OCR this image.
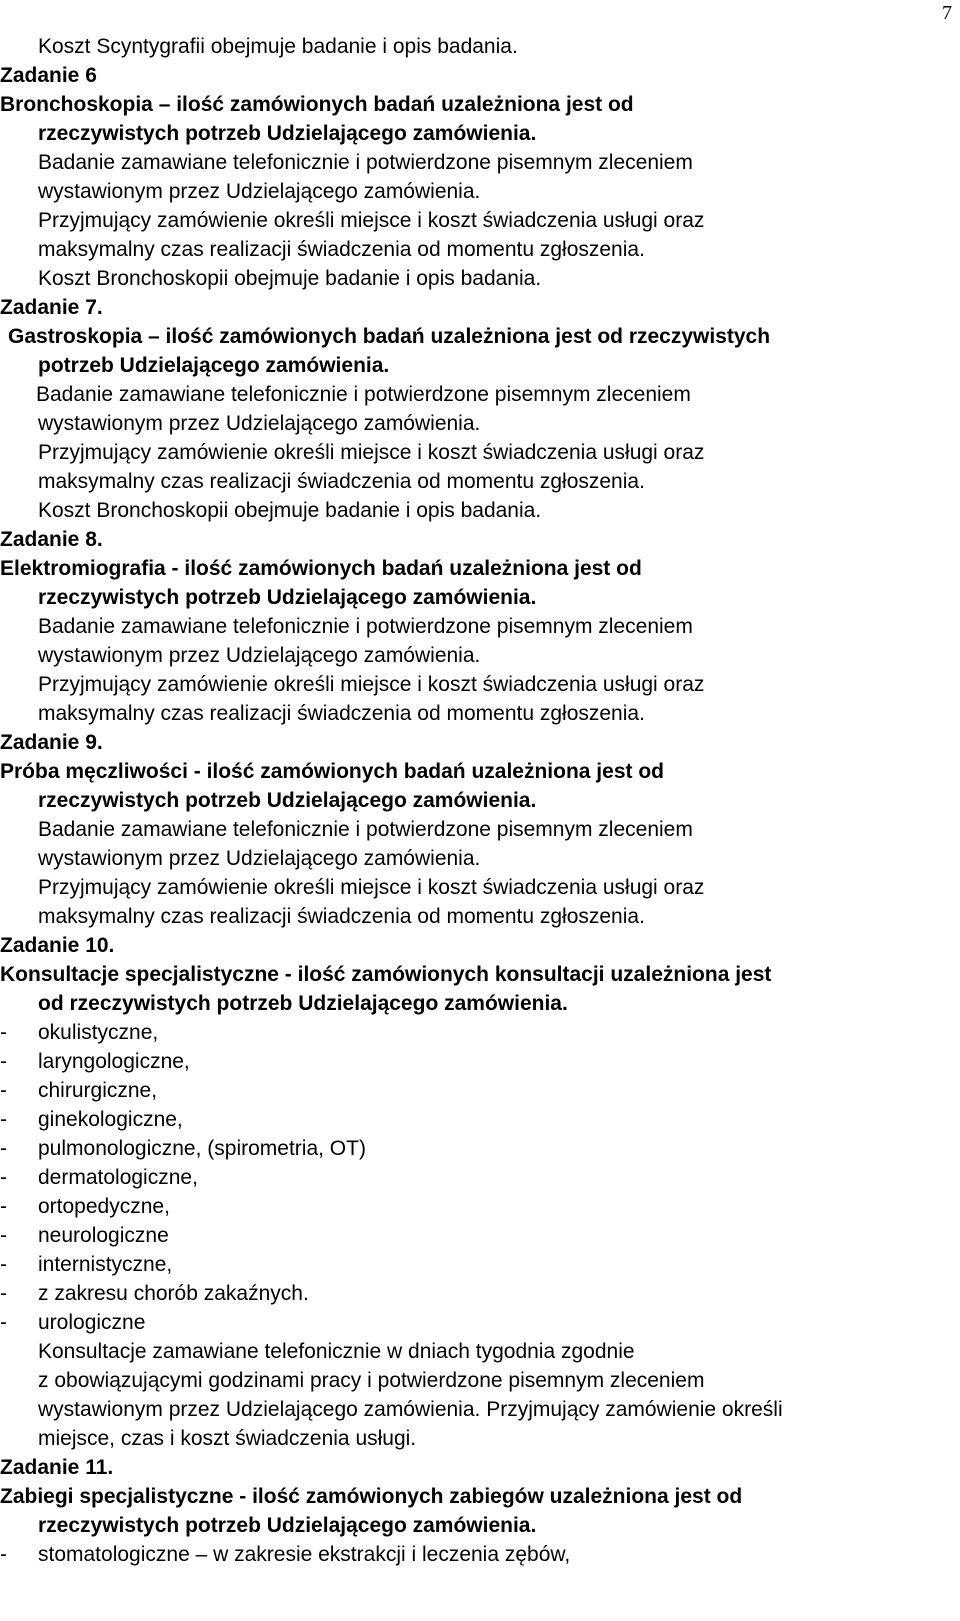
7
Koszt Scyntygrafii obejmuje badanie i opis badania.
Zadanie 6
Bronchoskopia – ilość zamówionych badań uzależniona jest od
rzeczywistych potrzeb Udzielającego zamówienia.
Badanie zamawiane telefonicznie i potwierdzone pisemnym zleceniem
wystawionym przez Udzielającego zamówienia.
Przyjmujący zamówienie określi miejsce i koszt świadczenia usługi oraz
maksymalny czas realizacji świadczenia od momentu zgłoszenia.
Koszt Bronchoskopii obejmuje badanie i opis badania.
Zadanie 7.
Gastroskopia – ilość zamówionych badań uzależniona jest od rzeczywistych
potrzeb Udzielającego zamówienia.
Badanie zamawiane telefonicznie i potwierdzone pisemnym zleceniem
wystawionym przez Udzielającego zamówienia.
Przyjmujący zamówienie określi miejsce i koszt świadczenia usługi oraz
maksymalny czas realizacji świadczenia od momentu zgłoszenia.
Koszt Bronchoskopii obejmuje badanie i opis badania.
Zadanie 8.
Elektromiografia - ilość zamówionych badań uzależniona jest od
rzeczywistych potrzeb Udzielającego zamówienia.
Badanie zamawiane telefonicznie i potwierdzone pisemnym zleceniem
wystawionym przez Udzielającego zamówienia.
Przyjmujący zamówienie określi miejsce i koszt świadczenia usługi oraz
maksymalny czas realizacji świadczenia od momentu zgłoszenia.
Zadanie 9.
Próba męczliwości - ilość zamówionych badań uzależniona jest od
rzeczywistych potrzeb Udzielającego zamówienia.
Badanie zamawiane telefonicznie i potwierdzone pisemnym zleceniem
wystawionym przez Udzielającego zamówienia.
Przyjmujący zamówienie określi miejsce i koszt świadczenia usługi oraz
maksymalny czas realizacji świadczenia od momentu zgłoszenia.
Zadanie 10.
Konsultacje specjalistyczne - ilość zamówionych konsultacji uzależniona jest
od rzeczywistych potrzeb Udzielającego zamówienia.
- okulistyczne,
- laryngologiczne,
- chirurgiczne,
- ginekologiczne,
- pulmonologiczne, (spirometria, OT)
- dermatologiczne,
- ortopedyczne,
- neurologiczne
- internistyczne,
- z zakresu chorób zakaźnych.
- urologiczne
Konsultacje zamawiane telefonicznie w dniach tygodnia zgodnie
z obowiązującymi godzinami pracy i potwierdzone pisemnym zleceniem
wystawionym przez Udzielającego zamówienia. Przyjmujący zamówienie określi
miejsce, czas i koszt świadczenia usługi.
Zadanie 11.
Zabiegi specjalistyczne - ilość zamówionych zabiegów uzależniona jest od
rzeczywistych potrzeb Udzielającego zamówienia.
- stomatologiczne – w zakresie ekstrakcji i leczenia zębów,
